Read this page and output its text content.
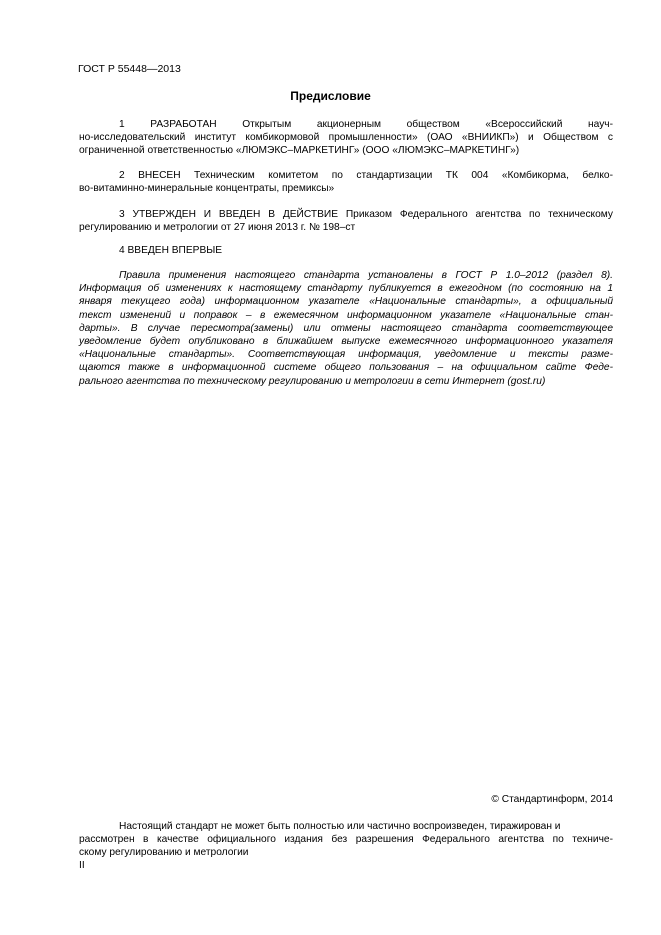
ГОСТ Р 55448—2013
Предисловие
1 РАЗРАБОТАН Открытым акционерным обществом «Всероссийский науч-
но-исследовательский институт комбикормовой промышленности» (ОАО «ВНИИКП») и Обществом с
ограниченной ответственностью «ЛЮМЭКС–МАРКЕТИНГ» (ООО «ЛЮМЭКС–МАРКЕТИНГ»)
2 ВНЕСЕН Техническим комитетом по стандартизации ТК 004 «Комбикорма, белко-
во-витаминно-минеральные концентраты, премиксы»
3 УТВЕРЖДЕН И ВВЕДЕН В ДЕЙСТВИЕ Приказом Федерального агентства по техническому
регулированию и метрологии от 27 июня 2013 г. № 198–ст
4 ВВЕДЕН ВПЕРВЫЕ
Правила применения настоящего стандарта установлены в ГОСТ Р 1.0–2012 (раздел 8).
Информация об изменениях к настоящему стандарту публикуется в ежегодном (по состоянию на 1
января текущего года) информационном указателе «Национальные стандарты», а официальный
текст изменений и поправок – в ежемесячном информационном указателе «Национальные стан-
дарты». В случае пересмотра(замены) или отмены настоящего стандарта соответствующее
уведомление будет опубликовано в ближайшем выпуске ежемесячного информационного указателя
«Национальные стандарты». Соответствующая информация, уведомление и тексты разме-
щаются также в информационной системе общего пользования – на официальном сайте Феде-
рального агентства по техническому регулированию и метрологии в сети Интернет (gost.ru)
© Стандартинформ, 2014
Настоящий стандарт не может быть полностью или частично воспроизведен, тиражирован и
рассмотрен в качестве официального издания без разрешения Федерального агентства по техниче-
скому регулированию и метрологии
II
